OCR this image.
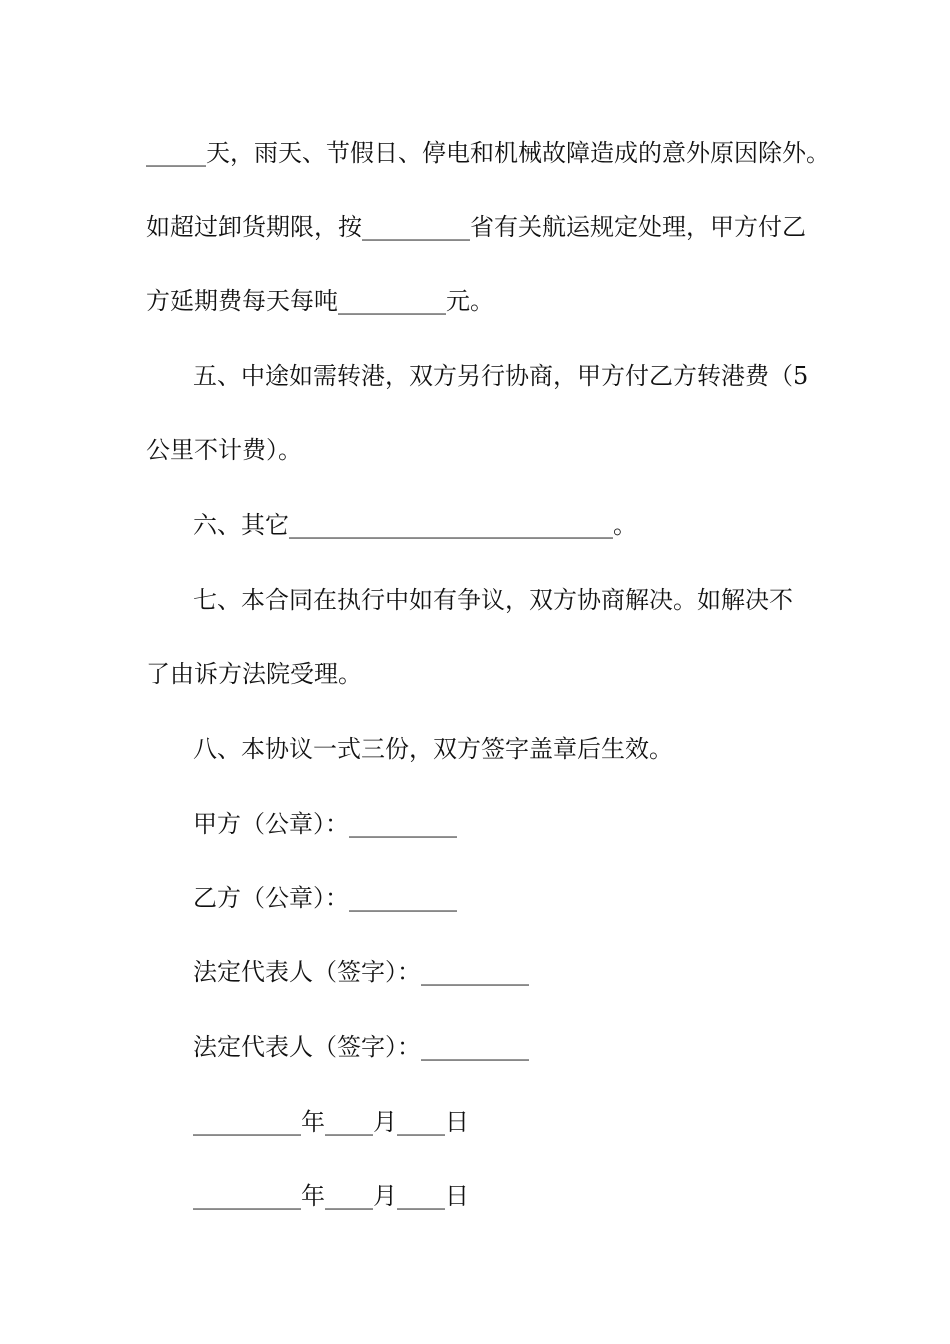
_____天，雨天、节假日、停电和机械故障造成的意外原因除外。
如超过卸货期限，按_________省有关航运规定处理，甲方付乙
方延期费每天每吨_________元。
五、中途如需转港，双方另行协商，甲方付乙方转港费（5
公里不计费）。
六、其它___________________________。
七、本合同在执行中如有争议，双方协商解决。如解决不
了由诉方法院受理。
八、本协议一式三份，双方签字盖章后生效。
甲方（公章）：_________
乙方（公章）：_________
法定代表人（签字）：_________
法定代表人（签字）：_________
_________年____月____日
_________年____月____日
